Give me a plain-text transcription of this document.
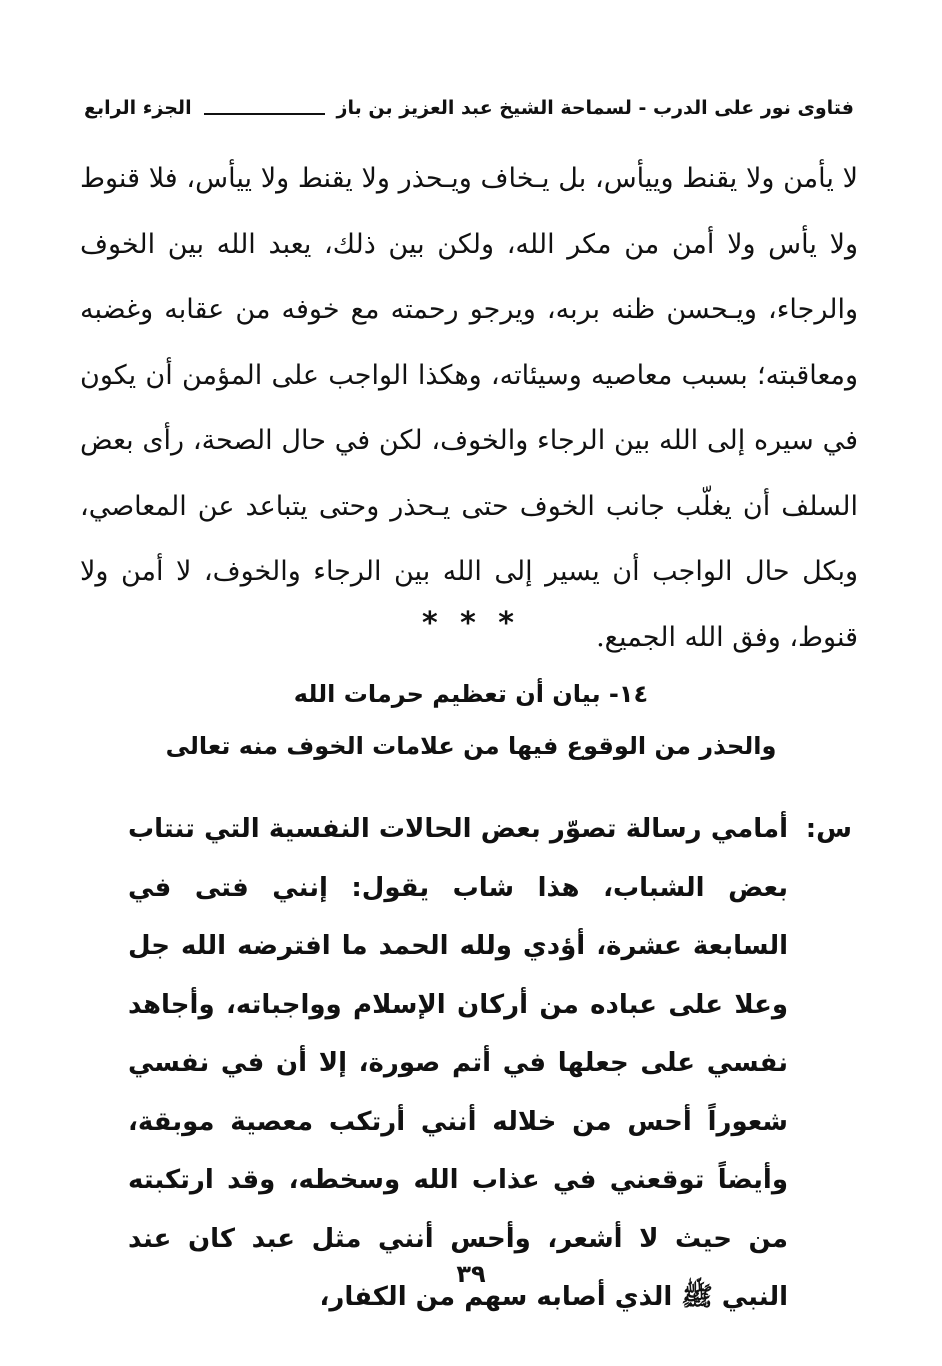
فتاوى نور على الدرب - لسماحة الشيخ عبد العزيز بن باز
الجزء الرابع

لا يأمن ولا يقنط وييأس، بل يـخاف ويـحذر ولا يقنط ولا ييأس، فلا قنوط ولا يأس ولا أمن من مكر الله، ولكن بين ذلك، يعبد الله بين الخوف والرجاء، ويـحسن ظنه بربه، ويرجو رحمته مع خوفه من عقابه وغضبه ومعاقبته؛ بسبب معاصيه وسيئاته، وهكذا الواجب على المؤمن أن يكون في سيره إلى الله بين الرجاء والخوف، لكن في حال الصحة، رأى بعض السلف أن يغلّب جانب الخوف حتى يـحذر وحتى يتباعد عن المعاصي، وبكل حال الواجب أن يسير إلى الله بين الرجاء والخوف، لا أمن ولا قنوط، وفق الله الجميع.

* * *
١٤- بيان أن تعظيم حرمات الله
والحذر من الوقوع فيها من علامات الخوف منه تعالى
س:

أمامي رسالة تصوّر بعض الحالات النفسية التي تنتاب بعض الشباب، هذا شاب يقول: إنني فتى في السابعة عشرة، أؤدي ولله الحمد ما افترضه الله جل وعلا على عباده من أركان الإسلام وواجباته، وأجاهد نفسي على جعلها في أتم صورة، إلا أن في نفسي شعوراً أحس من خلاله أنني أرتكب معصية موبقة، وأيضاً توقعني في عذاب الله وسخطه، وقد ارتكبته من حيث لا أشعر، وأحس أنني مثل عبد كان عند النبي ﷺ الذي أصابه سهم من الكفار،

٣٩
